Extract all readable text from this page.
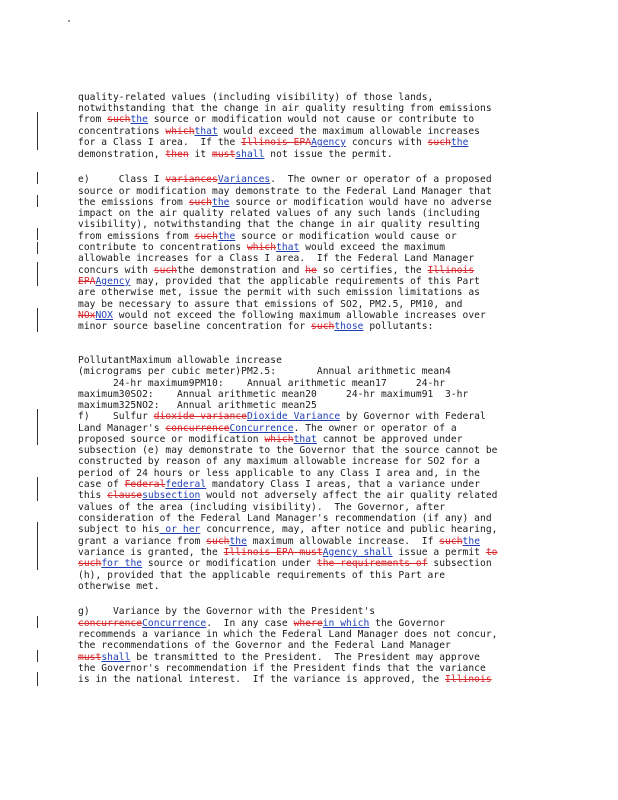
quality-related values (including visibility) of those lands,
notwithstanding that the change in air quality resulting from emissions
from suchthe source or modification would not cause or contribute to
concentrations whichthat would exceed the maximum allowable increases
for a Class I area.  If the Illinois EPAAgency concurs with suchthe
demonstration, then it mustshall not issue the permit.
e)     Class I variancesVariances.  The owner or operator of a proposed
source or modification may demonstrate to the Federal Land Manager that
the emissions from suchthe source or modification would have no adverse
impact on the air quality related values of any such lands (including
visibility), notwithstanding that the change in air quality resulting
from emissions from suchthe source or modification would cause or
contribute to concentrations whichthat would exceed the maximum
allowable increases for a Class I area.  If the Federal Land Manager
concurs with suchthe demonstration and he so certifies, the Illinois
EPAAgency may, provided that the applicable requirements of this Part
are otherwise met, issue the permit with such emission limitations as
may be necessary to assure that emissions of SO2, PM2.5, PM10, and
NOxNOX would not exceed the following maximum allowable increases over
minor source baseline concentration for suchthose pollutants:
PollutantMaximum allowable increase
(micrograms per cubic meter)PM2.5:       Annual arithmetic mean4
24-hr maximum9PM10:    Annual arithmetic mean17     24-hr
maximum30SO2:    Annual arithmetic mean20     24-hr maximum91  3-hr
maximum325NO2:   Annual arithmetic mean25
f)    Sulfur dioxide varianceDioxide Variance by Governor with Federal
Land Manager's concurrenceConcurrence. The owner or operator of a
proposed source or modification whichthat cannot be approved under
subsection (e) may demonstrate to the Governor that the source cannot be
constructed by reason of any maximum allowable increase for SO2 for a
period of 24 hours or less applicable to any Class I area and, in the
case of Federalfederal mandatory Class I areas, that a variance under
this clausesubsection would not adversely affect the air quality related
values of the area (including visibility).  The Governor, after
consideration of the Federal Land Manager's recommendation (if any) and
subject to his or her concurrence, may, after notice and public hearing,
grant a variance from suchthe maximum allowable increase.  If suchthe
variance is granted, the Illinois EPA mustAgency shall issue a permit to
suchfor the source or modification under the requirements of subsection
(h), provided that the applicable requirements of this Part are
otherwise met.
g)    Variance by the Governor with the President's
concurrenceConcurrence.  In any case wherein which the Governor
recommends a variance in which the Federal Land Manager does not concur,
the recommendations of the Governor and the Federal Land Manager
mustshall be transmitted to the President.  The President may approve
the Governor's recommendation if the President finds that the variance
is in the national interest.  If the variance is approved, the Illinois
